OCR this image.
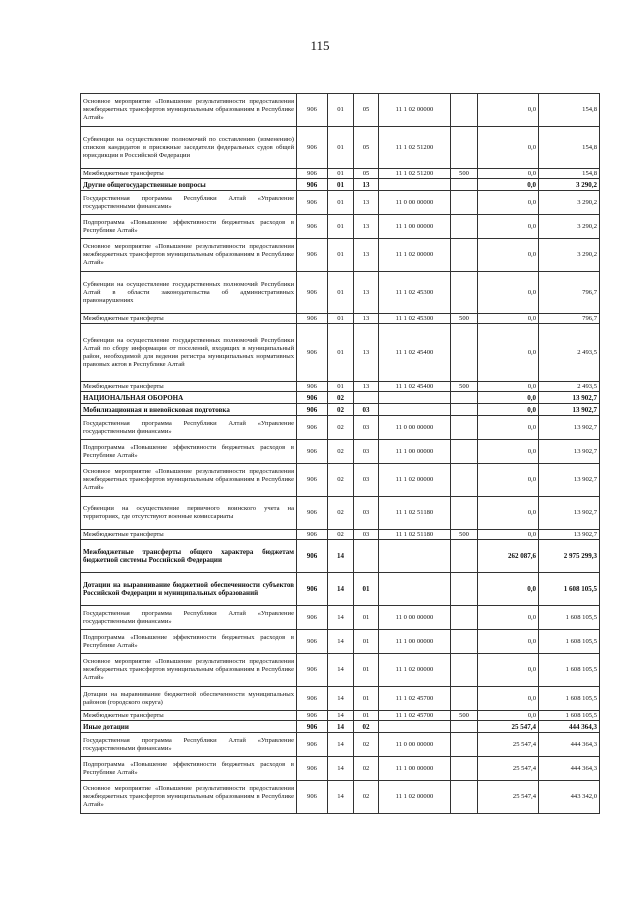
115
Основное мероприятие «Повышение результативности предоставления межбюджетных трансфертов муниципальным образованиям в Республике Алтай»	906	01	05	11 1 02 00000		0,0	154,8
Субвенции на осуществление полномочий по составлению (изменению) списков кандидатов в присяжные заседатели федеральных судов общей юрисдикции в Российской Федерации	906	01	05	11 1 02 51200		0,0	154,8
Межбюджетные трансферты	906	01	05	11 1 02 51200	500	0,0	154,8
Другие общегосударственные вопросы	906	01	13			0,0	3 290,2
Государственная программа Республики Алтай «Управление государственными финансами»	906	01	13	11 0 00 00000		0,0	3 290,2
Подпрограмма «Повышение эффективности бюджетных расходов в Республике Алтай»	906	01	13	11 1 00 00000		0,0	3 290,2
Основное мероприятие «Повышение результативности предоставления межбюджетных трансфертов муниципальным образованиям в Республике Алтай»	906	01	13	11 1 02 00000		0,0	3 290,2
Субвенции на осуществление государственных полномочий Республики Алтай в области законодательства об административных правонарушениях	906	01	13	11 1 02 45300		0,0	796,7
Межбюджетные трансферты	906	01	13	11 1 02 45300	500	0,0	796,7
Субвенции на осуществление государственных полномочий Республики Алтай по сбору информации от поселений, входящих в муниципальный район, необходимой для ведения регистра муниципальных нормативных правовых актов в Республике Алтай	906	01	13	11 1 02 45400		0,0	2 493,5
Межбюджетные трансферты	906	01	13	11 1 02 45400	500	0,0	2 493,5
НАЦИОНАЛЬНАЯ ОБОРОНА	906	02				0,0	13 902,7
Мобилизационная и вневойсковая подготовка	906	02	03			0,0	13 902,7
Государственная программа Республики Алтай «Управление государственными финансами»	906	02	03	11 0 00 00000		0,0	13 902,7
Подпрограмма «Повышение эффективности бюджетных расходов в Республике Алтай»	906	02	03	11 1 00 00000		0,0	13 902,7
Основное мероприятие «Повышение результативности предоставления межбюджетных трансфертов муниципальным образованиям в Республике Алтай»	906	02	03	11 1 02 00000		0,0	13 902,7
Субвенции на осуществление первичного воинского учета на территориях, где отсутствуют военные комиссариаты	906	02	03	11 1 02 51180		0,0	13 902,7
Межбюджетные трансферты	906	02	03	11 1 02 51180	500	0,0	13 902,7
Межбюджетные трансферты общего характера бюджетам бюджетной системы Российской Федерации	906	14				262 087,6	2 975 299,3
Дотации на выравнивание бюджетной обеспеченности субъектов Российской Федерации и муниципальных образований	906	14	01			0,0	1 608 105,5
Государственная программа Республики Алтай «Управление государственными финансами»	906	14	01	11 0 00 00000		0,0	1 608 105,5
Подпрограмма «Повышение эффективности бюджетных расходов в Республике Алтай»	906	14	01	11 1 00 00000		0,0	1 608 105,5
Основное мероприятие «Повышение результативности предоставления межбюджетных трансфертов муниципальным образованиям в Республике Алтай»	906	14	01	11 1 02 00000		0,0	1 608 105,5
Дотации на выравнивание бюджетной обеспеченности муниципальных районов (городского округа)	906	14	01	11 1 02 45700		0,0	1 608 105,5
Межбюджетные трансферты	906	14	01	11 1 02 45700	500	0,0	1 608 105,5
Иные дотации	906	14	02			25 547,4	444 364,3
Государственная программа Республики Алтай «Управление государственными финансами»	906	14	02	11 0 00 00000		25 547,4	444 364,3
Подпрограмма «Повышение эффективности бюджетных расходов в Республике Алтай»	906	14	02	11 1 00 00000		25 547,4	444 364,3
Основное мероприятие «Повышение результативности предоставления межбюджетных трансфертов муниципальным образованиям в Республике Алтай»	906	14	02	11 1 02 00000		25 547,4	443 342,0
